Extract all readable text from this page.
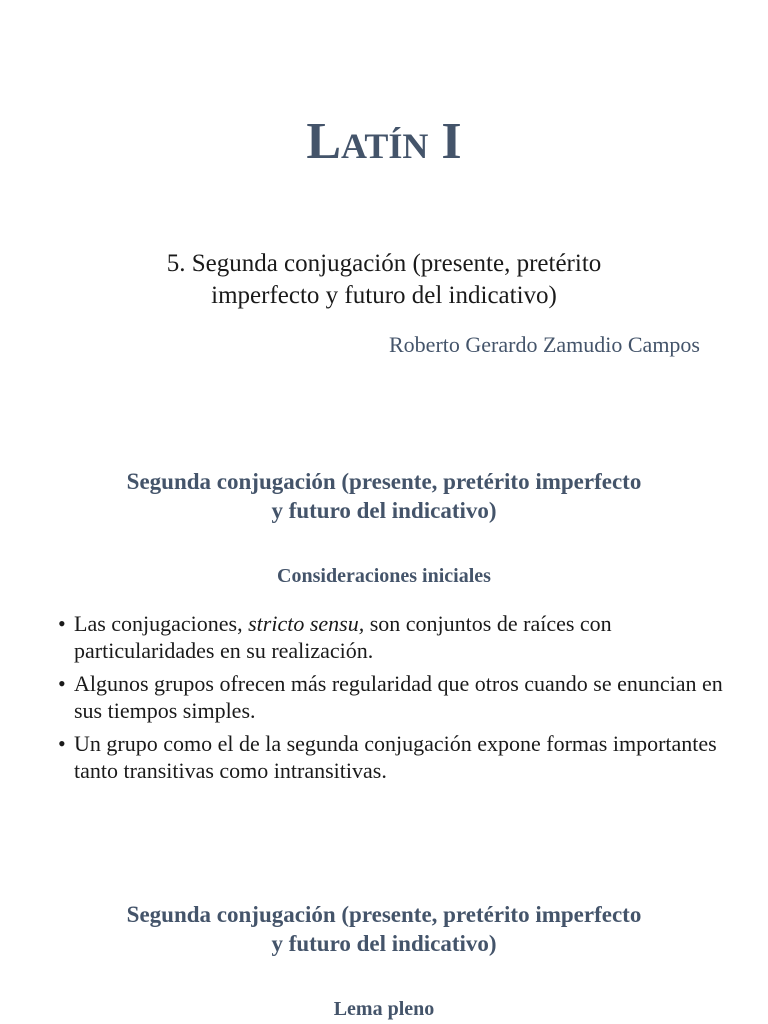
Latín I

5. Segunda conjugación (presente, pretérito
imperfecto y futuro del indicativo)

Roberto Gerardo Zamudio Campos

Segunda conjugación (presente, pretérito imperfecto
y futuro del indicativo)
Consideraciones iniciales
• Las conjugaciones, stricto sensu, son conjuntos de raíces con particularidades en su realización.
• Algunos grupos ofrecen más regularidad que otros cuando se enuncian en sus tiempos simples.
• Un grupo como el de la segunda conjugación expone formas importantes tanto transitivas como intransitivas.
Segunda conjugación (presente, pretérito imperfecto
y futuro del indicativo)
Lema pleno
